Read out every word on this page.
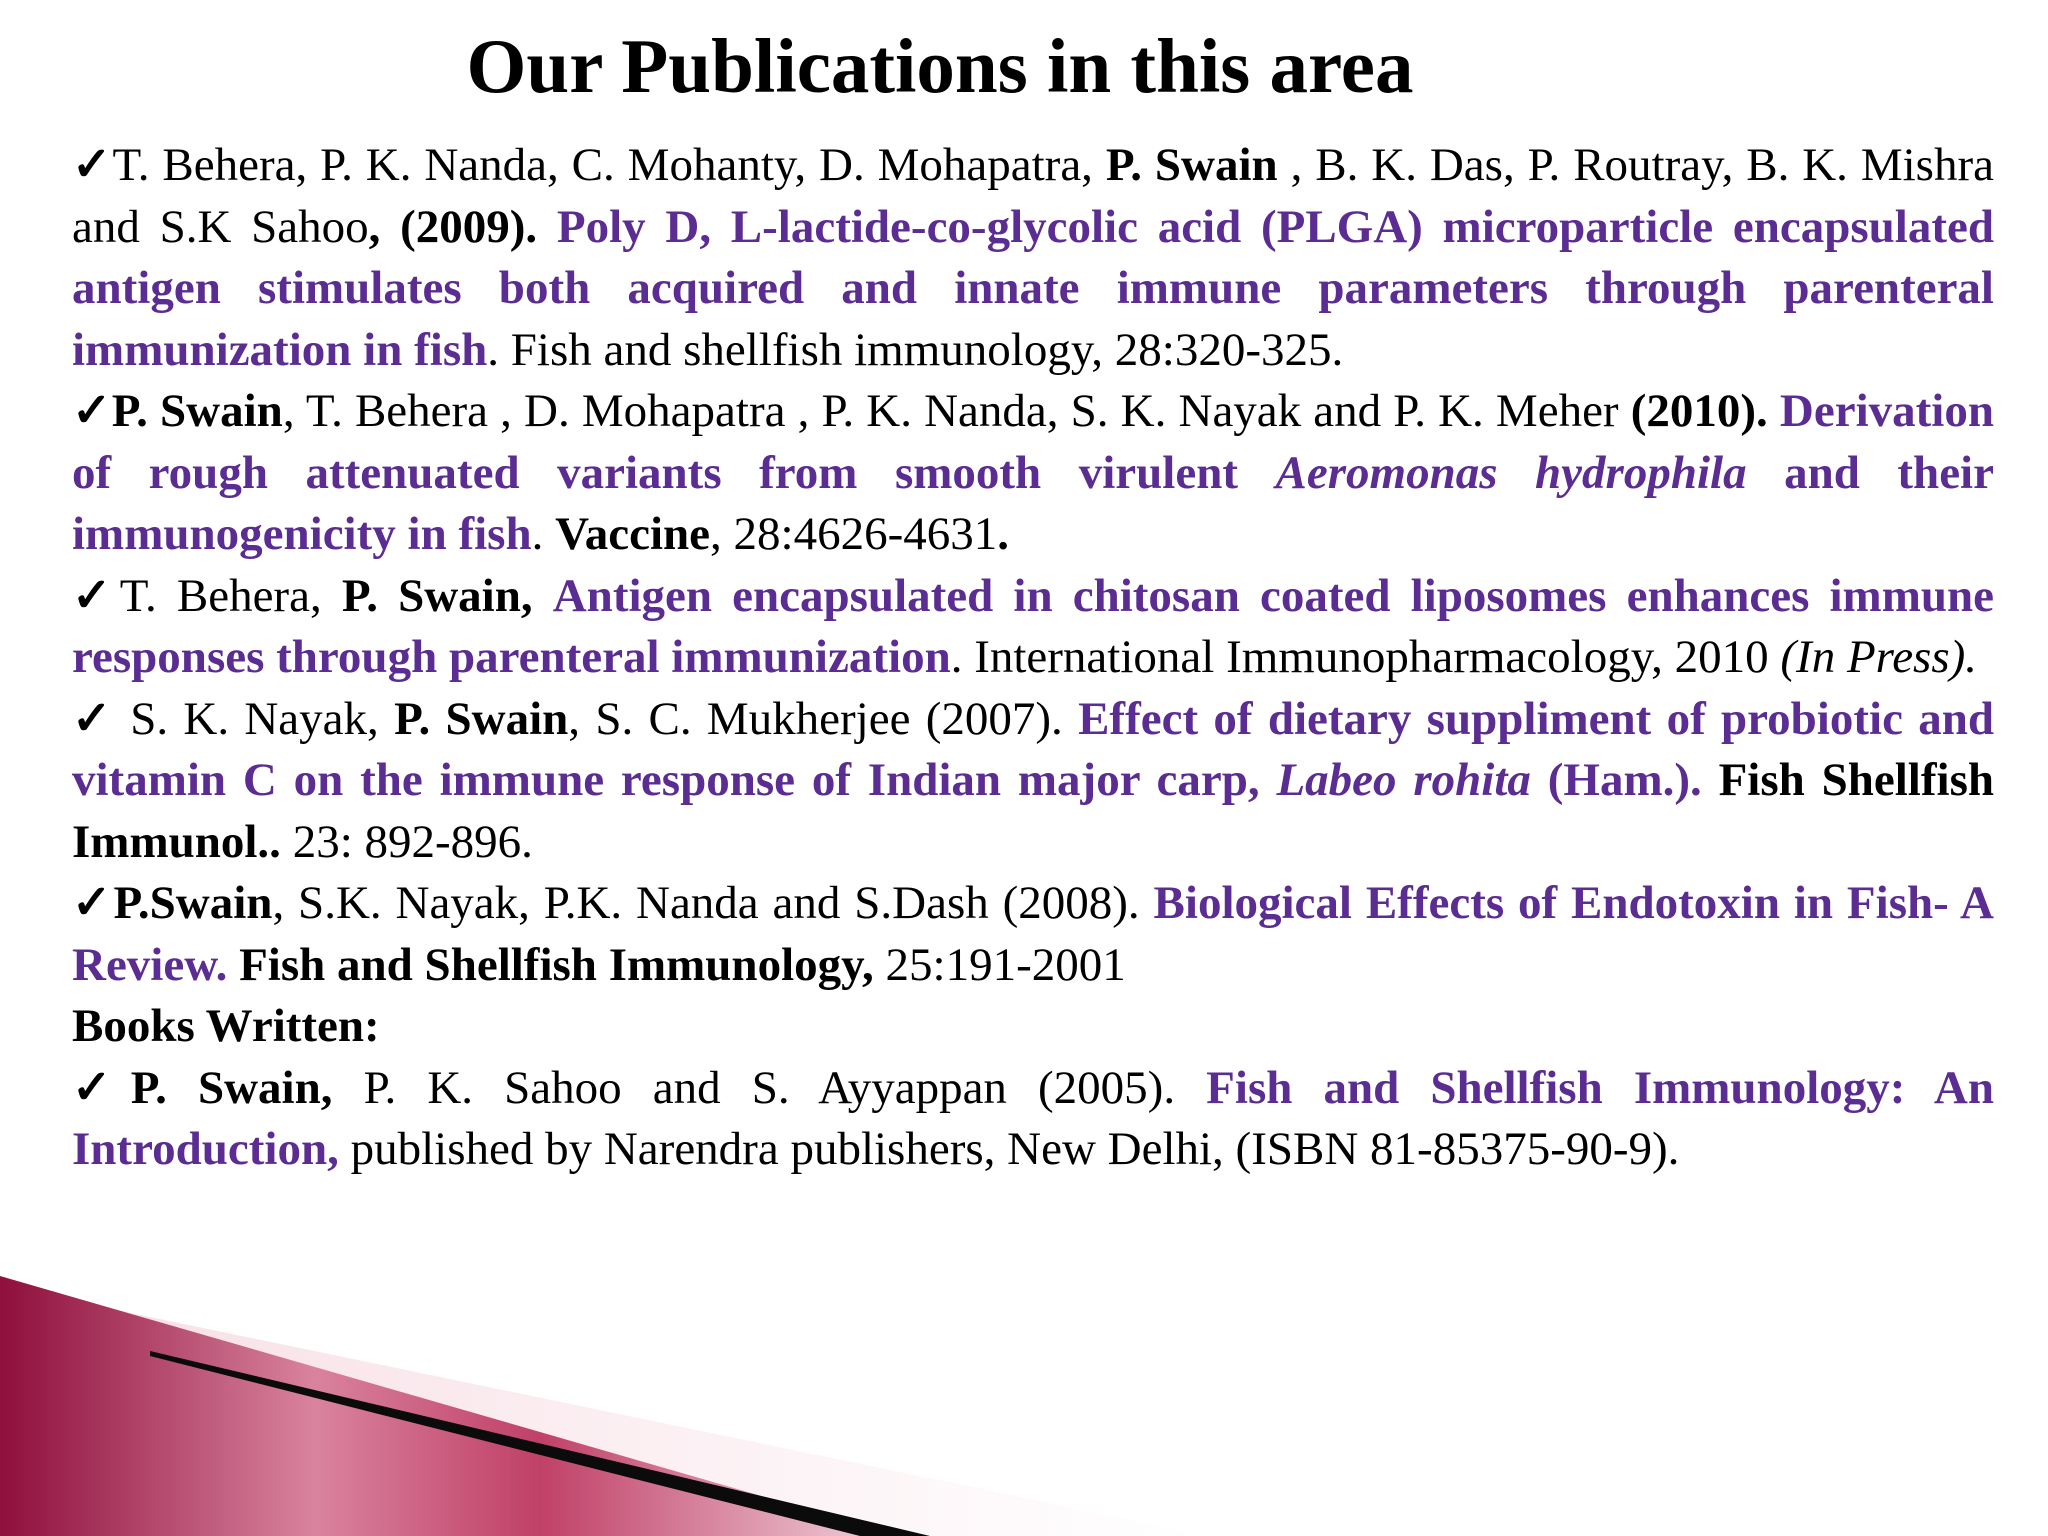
Our Publications in this area
✓T. Behera, P. K. Nanda, C. Mohanty, D. Mohapatra, P. Swain , B. K. Das, P. Routray, B. K. Mishra and S.K Sahoo, (2009). Poly D, L-lactide-co-glycolic acid (PLGA) microparticle encapsulated antigen stimulates both acquired and innate immune parameters through parenteral immunization in fish. Fish and shellfish immunology, 28:320-325.
✓P. Swain, T. Behera , D. Mohapatra , P. K. Nanda, S. K. Nayak and P. K. Meher (2010). Derivation of rough attenuated variants from smooth virulent Aeromonas hydrophila and their immunogenicity in fish. Vaccine, 28:4626-4631.
✓T. Behera, P. Swain, Antigen encapsulated in chitosan coated liposomes enhances immune responses through parenteral immunization. International Immunopharmacology, 2010 (In Press).
✓ S. K. Nayak, P. Swain, S. C. Mukherjee (2007). Effect of dietary suppliment of probiotic and vitamin C on the immune response of Indian major carp, Labeo rohita (Ham.). Fish Shellfish Immunol.. 23: 892-896.
✓P.Swain, S.K. Nayak, P.K. Nanda and S.Dash (2008). Biological Effects of Endotoxin in Fish- A Review. Fish and Shellfish Immunology, 25:191-2001
Books Written:
✓P. Swain, P. K. Sahoo and S. Ayyappan (2005). Fish and Shellfish Immunology: An Introduction, published by Narendra publishers, New Delhi, (ISBN 81-85375-90-9).
